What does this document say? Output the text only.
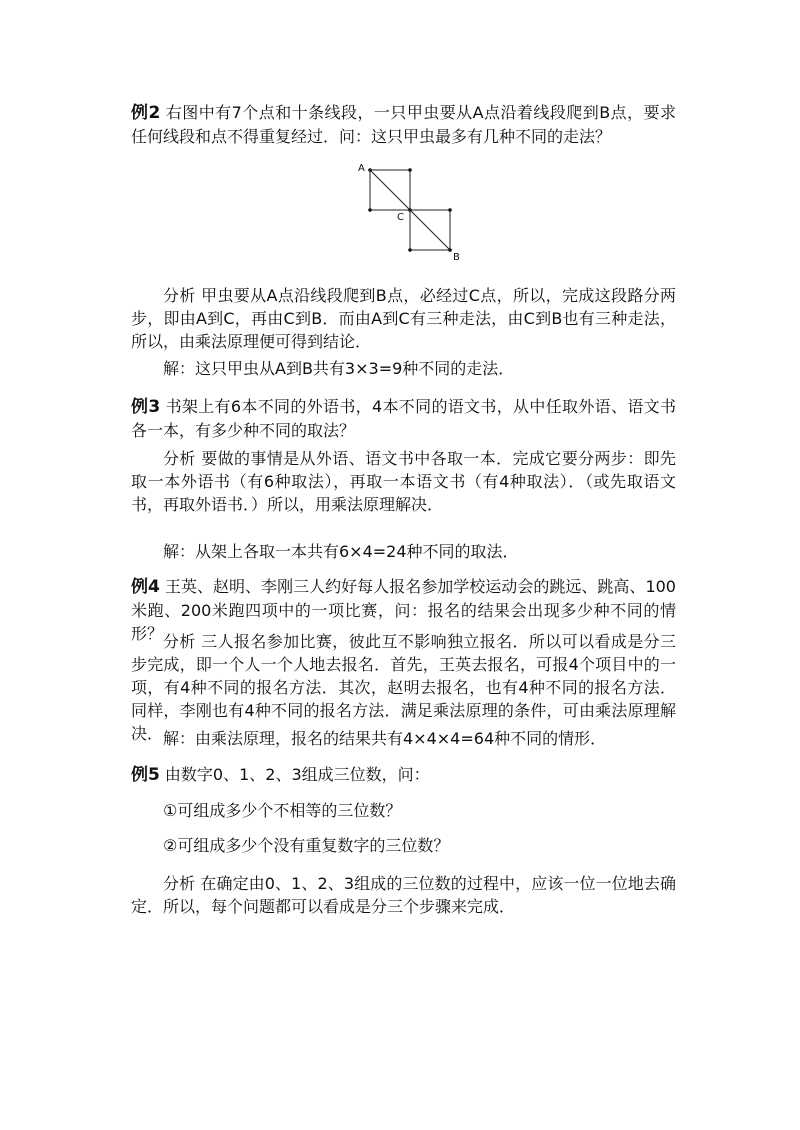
例2 右图中有7个点和十条线段，一只甲虫要从A点沿着线段爬到B点，要求任何线段和点不得重复经过．问：这只甲虫最多有几种不同的走法？

A
C
B

分析 甲虫要从A点沿线段爬到B点，必经过C点，所以，完成这段路分两步，即由A到C，再由C到B．而由A到C有三种走法，由C到B也有三种走法，所以，由乘法原理便可得到结论．

解：这只甲虫从A到B共有3×3=9种不同的走法．

例3 书架上有6本不同的外语书，4本不同的语文书，从中任取外语、语文书各一本，有多少种不同的取法？

分析 要做的事情是从外语、语文书中各取一本．完成它要分两步：即先取一本外语书（有6种取法），再取一本语文书（有4种取法）．（或先取语文书，再取外语书．）所以，用乘法原理解决．

解：从架上各取一本共有6×4=24种不同的取法．

例4 王英、赵明、李刚三人约好每人报名参加学校运动会的跳远、跳高、100米跑、200米跑四项中的一项比赛，问：报名的结果会出现多少种不同的情形？ 分析 三人报名参加比赛，彼此互不影响独立报名．所以可以看成是分三步完成，即一个人一个人地去报名．首先，王英去报名，可报4个项目中的一项，有4种不同的报名方法．其次，赵明去报名，也有4种不同的报名方法．同样，李刚也有4种不同的报名方法．满足乘法原理的条件，可由乘法原理解决． 解：由乘法原理，报名的结果共有4×4×4=64种不同的情形．

例5 由数字0、1、2、3组成三位数，问：

①可组成多少个不相等的三位数？

②可组成多少个没有重复数字的三位数？

分析 在确定由0、1、2、3组成的三位数的过程中，应该一位一位地去确定．所以，每个问题都可以看成是分三个步骤来完成．
